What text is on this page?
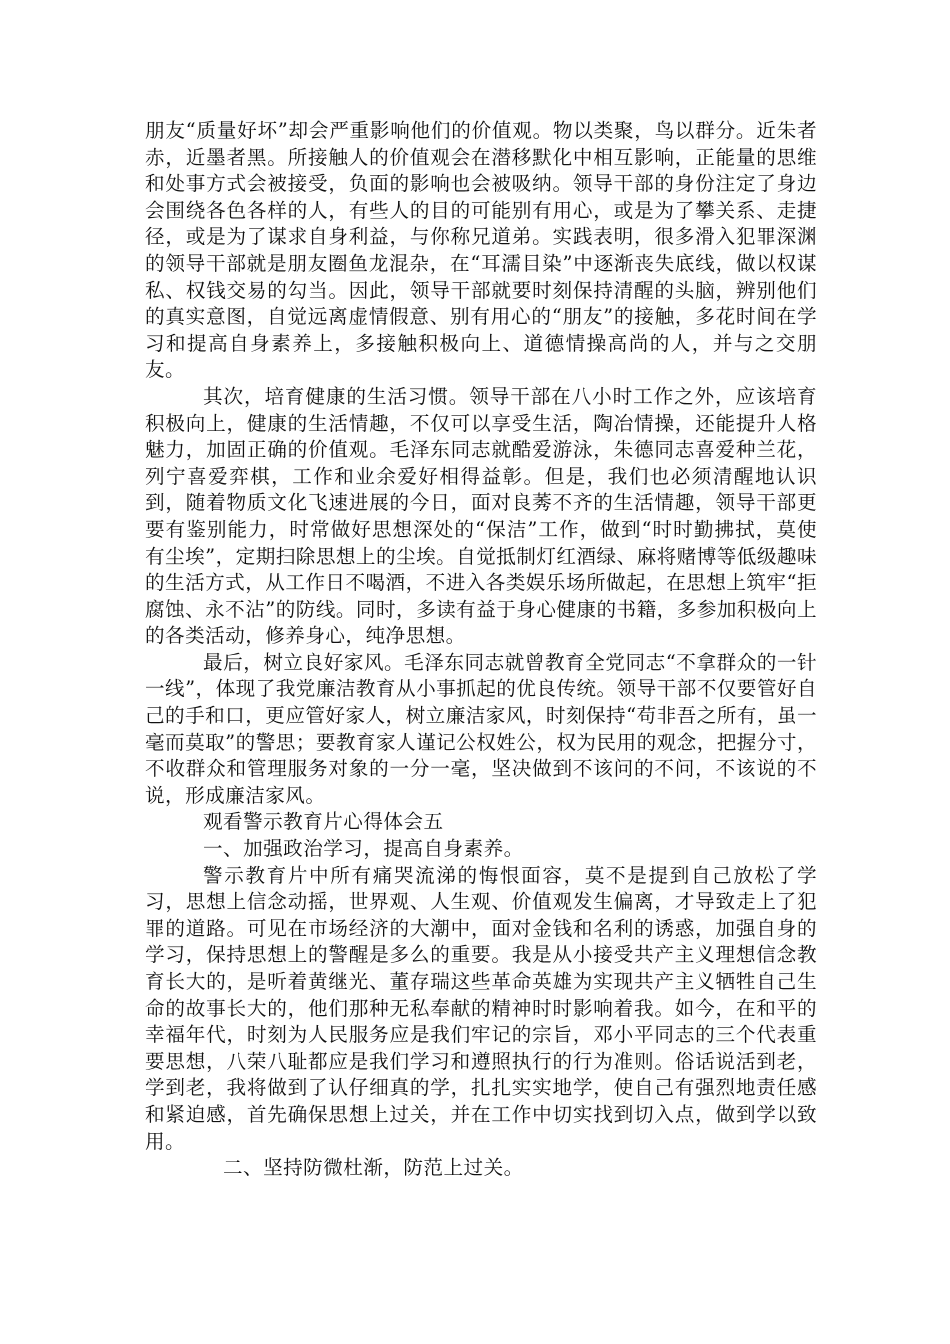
朋友“质量好坏”却会严重影响他们的价值观。物以类聚，鸟以群分。近朱者赤，近墨者黑。所接触人的价值观会在潜移默化中相互影响，正能量的思维和处事方式会被接受，负面的影响也会被吸纳。领导干部的身份注定了身边会围绕各色各样的人，有些人的目的可能别有用心，或是为了攀关系、走捷径，或是为了谋求自身利益，与你称兄道弟。实践表明，很多滑入犯罪深渊的领导干部就是朋友圈鱼龙混杂，在“耳濡目染”中逐渐丧失底线，做以权谋私、权钱交易的勾当。因此，领导干部就要时刻保持清醒的头脑，辨别他们的真实意图，自觉远离虚情假意、别有用心的“朋友”的接触，多花时间在学习和提高自身素养上，多接触积极向上、道德情操高尚的人，并与之交朋友。

其次，培育健康的生活习惯。领导干部在八小时工作之外，应该培育积极向上，健康的生活情趣，不仅可以享受生活，陶冶情操，还能提升人格魅力，加固正确的价值观。毛泽东同志就酷爱游泳，朱德同志喜爱种兰花，列宁喜爱弈棋，工作和业余爱好相得益彰。但是，我们也必须清醒地认识到，随着物质文化飞速进展的今日，面对良莠不齐的生活情趣，领导干部更要有鉴别能力，时常做好思想深处的“保洁”工作，做到“时时勤拂拭，莫使有尘埃”，定期扫除思想上的尘埃。自觉抵制灯红酒绿、麻将赌博等低级趣味的生活方式，从工作日不喝酒，不进入各类娱乐场所做起，在思想上筑牢“拒腐蚀、永不沾”的防线。同时，多读有益于身心健康的书籍，多参加积极向上的各类活动，修养身心，纯净思想。

最后，树立良好家风。毛泽东同志就曾教育全党同志“不拿群众的一针一线”，体现了我党廉洁教育从小事抓起的优良传统。领导干部不仅要管好自己的手和口，更应管好家人，树立廉洁家风，时刻保持“苟非吾之所有，虽一毫而莫取”的警思；要教育家人谨记公权姓公，权为民用的观念，把握分寸，不收群众和管理服务对象的一分一毫，坚决做到不该问的不问，不该说的不说，形成廉洁家风。

观看警示教育片心得体会五

一、加强政治学习，提高自身素养。

警示教育片中所有痛哭流涕的悔恨面容，莫不是提到自己放松了学习，思想上信念动摇，世界观、人生观、价值观发生偏离，才导致走上了犯罪的道路。可见在市场经济的大潮中，面对金钱和名利的诱惑，加强自身的学习，保持思想上的警醒是多么的重要。我是从小接受共产主义理想信念教育长大的，是听着黄继光、董存瑞这些革命英雄为实现共产主义牺牲自己生命的故事长大的，他们那种无私奉献的精神时时影响着我。如今，在和平的幸福年代，时刻为人民服务应是我们牢记的宗旨，邓小平同志的三个代表重要思想，八荣八耻都应是我们学习和遵照执行的行为准则。俗话说活到老，学到老，我将做到了认仔细真的学，扎扎实实地学，使自己有强烈地责任感和紧迫感，首先确保思想上过关，并在工作中切实找到切入点，做到学以致用。

二、坚持防微杜渐，防范上过关。
